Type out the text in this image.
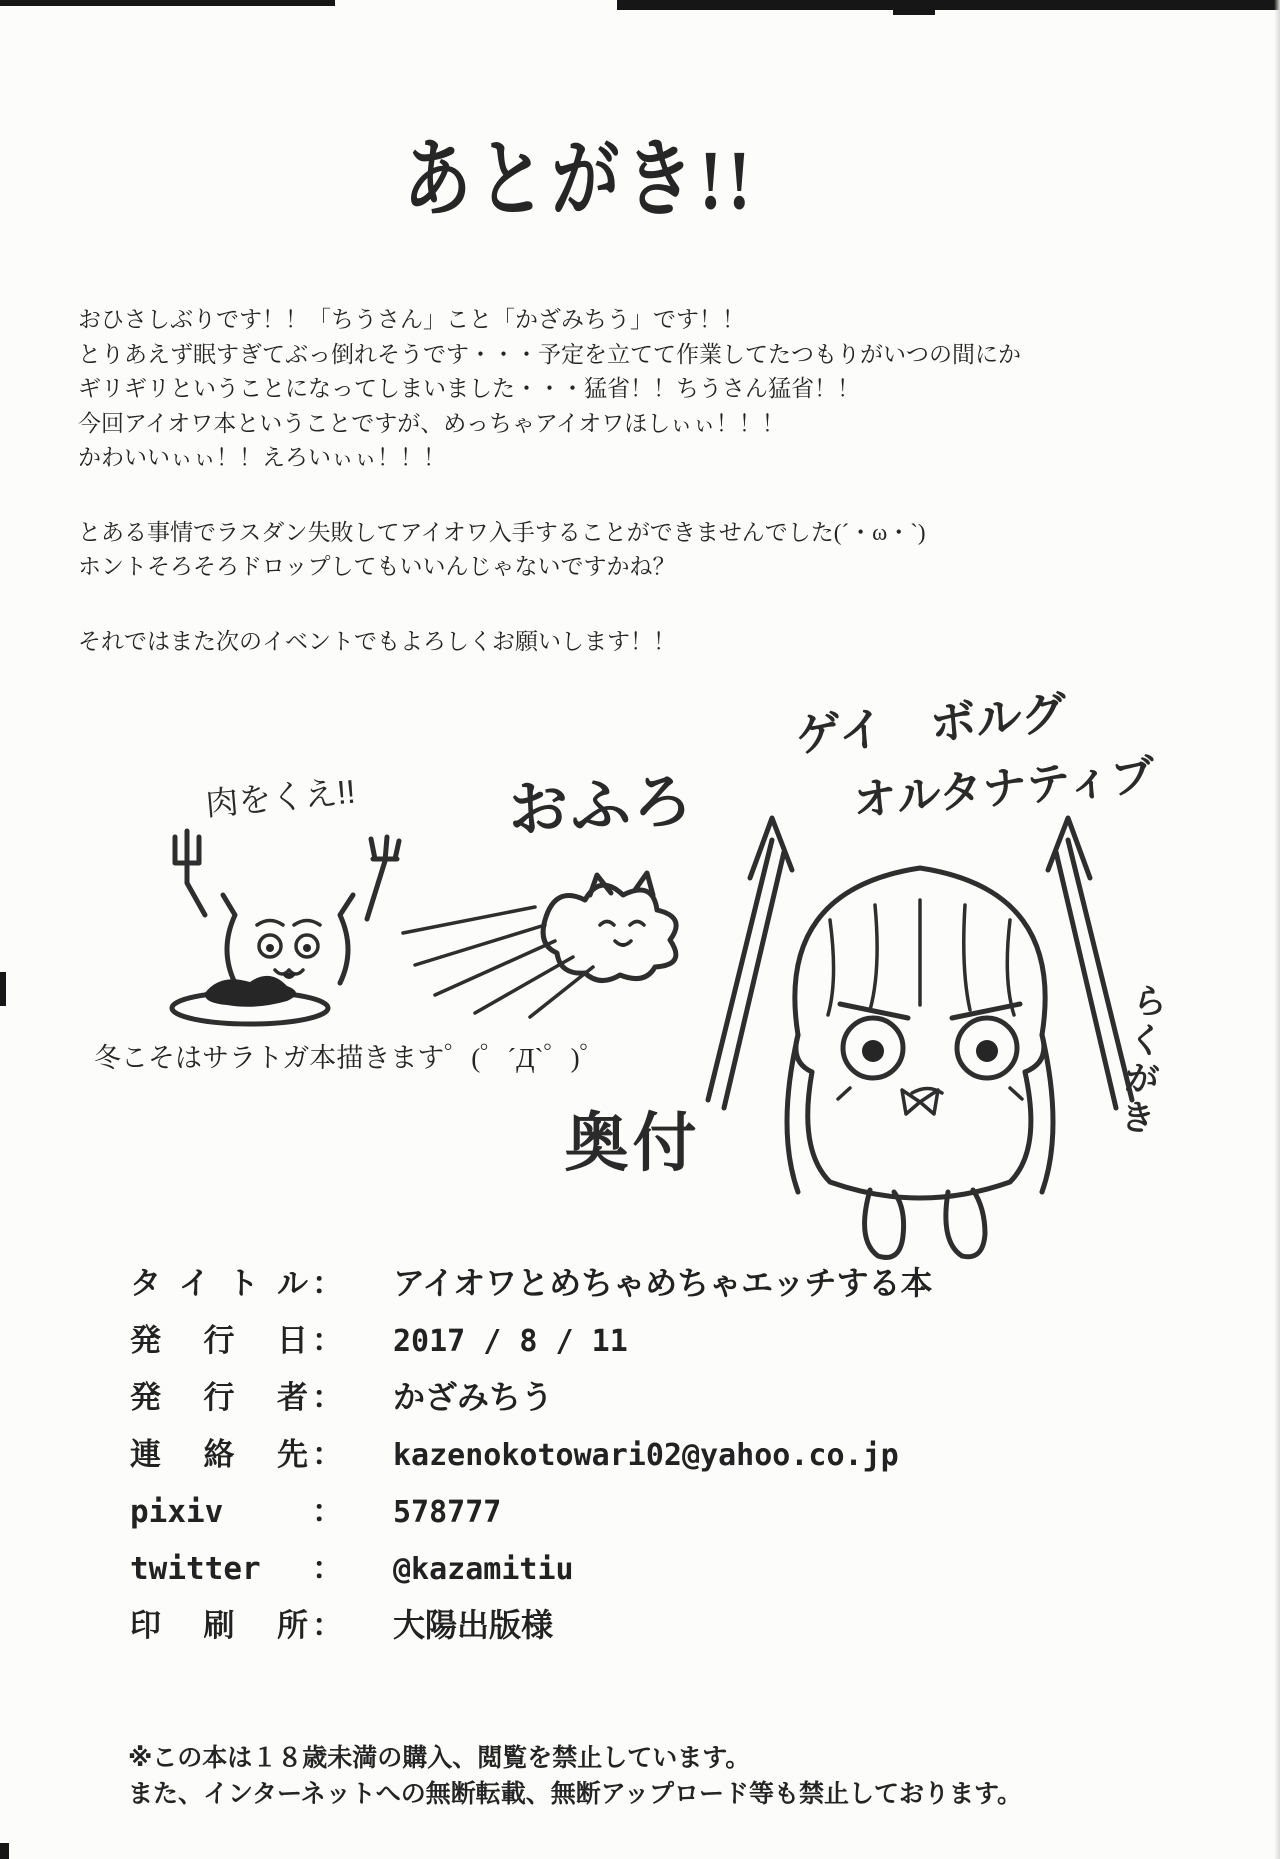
あとがき!!
おひさしぶりです！！「ちうさん」こと「かざみちう」です！！
とりあえず眠すぎてぶっ倒れそうです・・・予定を立てて作業してたつもりがいつの間にか
ギリギリということになってしまいました・・・猛省！！ちうさん猛省！！
今回アイオワ本ということですが、めっちゃアイオワほしぃぃ！！！
かわいいぃぃ！！えろいぃぃ！！！
とある事情でラスダン失敗してアイオワ入手することができませんでした(´・ω・`)
ホントそろそろドロップしてもいいんじゃないですかね？
それではまた次のイベントでもよろしくお願いします！！
肉をくえ!! おふろ
ゲイ　ボルグ
オルタナティブ
らくがき
冬こそはサラトガ本描きます゜(゜´Д`゜)゜
奥付
タイトル ： アイオワとめちゃめちゃエッチする本
発行日 ： 2017 / 8 / 11
発行者 ： かざみちう
連絡先 ： kazenokotowari02@yahoo.co.jp
pixiv	： 578777
twitter	： @kazamitiu
印刷所 ： 大陽出版様
※この本は１８歳未満の購入、閲覧を禁止しています。
また、インターネットへの無断転載、無断アップロード等も禁止しております。
